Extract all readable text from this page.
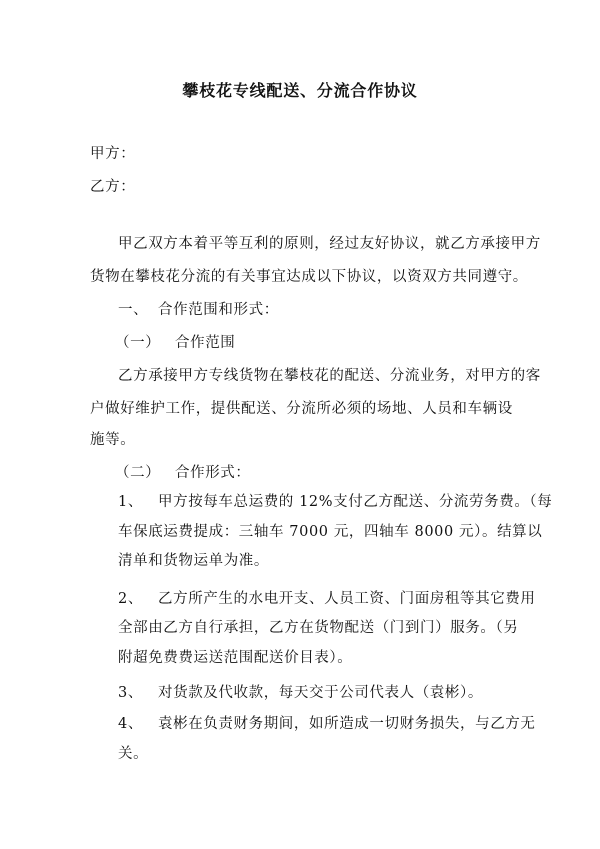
攀枝花专线配送、分流合作协议
甲方：
乙方：
甲乙双方本着平等互利的原则，经过友好协议，就乙方承接甲方
货物在攀枝花分流的有关事宜达成以下协议，以资双方共同遵守。
一、 合作范围和形式：
（一） 合作范围
乙方承接甲方专线货物在攀枝花的配送、分流业务，对甲方的客
户做好维护工作，提供配送、分流所必须的场地、人员和车辆设
施等。
（二） 合作形式：
1、 甲方按每车总运费的 12%支付乙方配送、分流劳务费。（每
车保底运费提成：三轴车 7000 元，四轴车 8000 元）。结算以
清单和货物运单为准。
2、 乙方所产生的水电开支、人员工资、门面房租等其它费用
全部由乙方自行承担，乙方在货物配送（门到门）服务。（另
附超免费费运送范围配送价目表）。
3、 对货款及代收款，每天交于公司代表人（袁彬）。
4、 袁彬在负责财务期间，如所造成一切财务损失，与乙方无
关。
